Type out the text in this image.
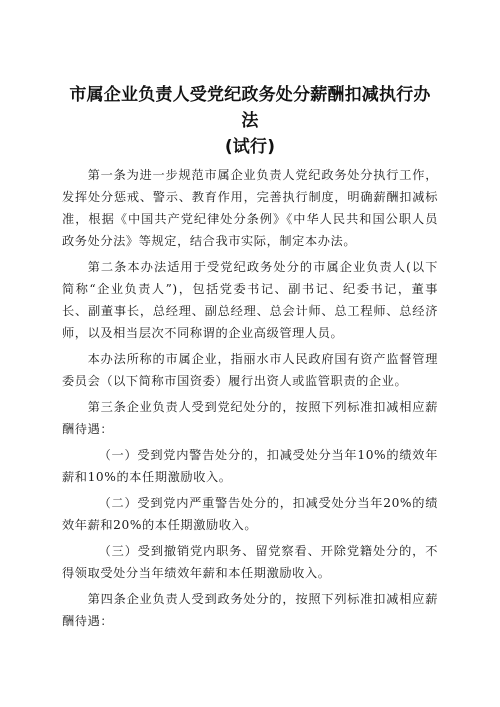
市属企业负责人受党纪政务处分薪酬扣减执行办法
(试行)

第一条为进一步规范市属企业负责人党纪政务处分执行工作，发挥处分惩戒、警示、教育作用，完善执行制度，明确薪酬扣减标准，根据《中国共产党纪律处分条例》《中华人民共和国公职人员政务处分法》等规定，结合我市实际，制定本办法。

第二条本办法适用于受党纪政务处分的市属企业负责人(以下简称“企业负责人”)，包括党委书记、副书记、纪委书记，董事长、副董事长，总经理、副总经理、总会计师、总工程师、总经济师，以及相当层次不同称谓的企业高级管理人员。

本办法所称的市属企业，指丽水市人民政府国有资产监督管理委员会（以下简称市国资委）履行出资人或监管职责的企业。

第三条企业负责人受到党纪处分的，按照下列标准扣减相应薪酬待遇：

（一）受到党内警告处分的，扣减受处分当年10%的绩效年薪和10%的本任期激励收入。

（二）受到党内严重警告处分的，扣减受处分当年20%的绩效年薪和20%的本任期激励收入。

（三）受到撤销党内职务、留党察看、开除党籍处分的，不得领取受处分当年绩效年薪和本任期激励收入。

第四条企业负责人受到政务处分的，按照下列标准扣减相应薪酬待遇：
